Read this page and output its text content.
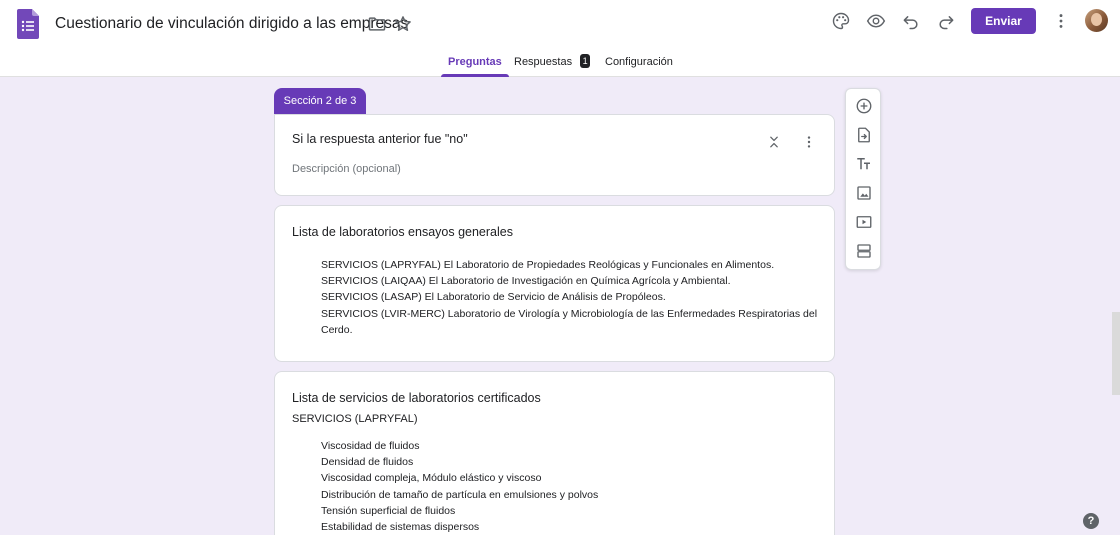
Cuestionario de vinculación dirigido a las empresas	Enviar
Preguntas	Respuestas 1 Configuración
Sección 2 de 3
Si la respuesta anterior fue "no"
Descripción (opcional)
Lista de laboratorios ensayos generales
SERVICIOS (LAPRYFAL) El Laboratorio de Propiedades Reológicas y Funcionales en Alimentos.
SERVICIOS (LAIQAA) El Laboratorio de Investigación en Química Agrícola y Ambiental.
SERVICIOS (LASAP) El Laboratorio de Servicio de Análisis de Propóleos.
SERVICIOS (LVIR-MERC) Laboratorio de Virología y Microbiología de las Enfermedades Respiratorias del Cerdo.
Lista de servicios de laboratorios certificados
SERVICIOS (LAPRYFAL)
Viscosidad de fluidos
Densidad de fluidos
Viscosidad compleja, Módulo elástico y viscoso
Distribución de tamaño de partícula en emulsiones y polvos
Tensión superficial de fluidos
Estabilidad de sistemas dispersos
?
